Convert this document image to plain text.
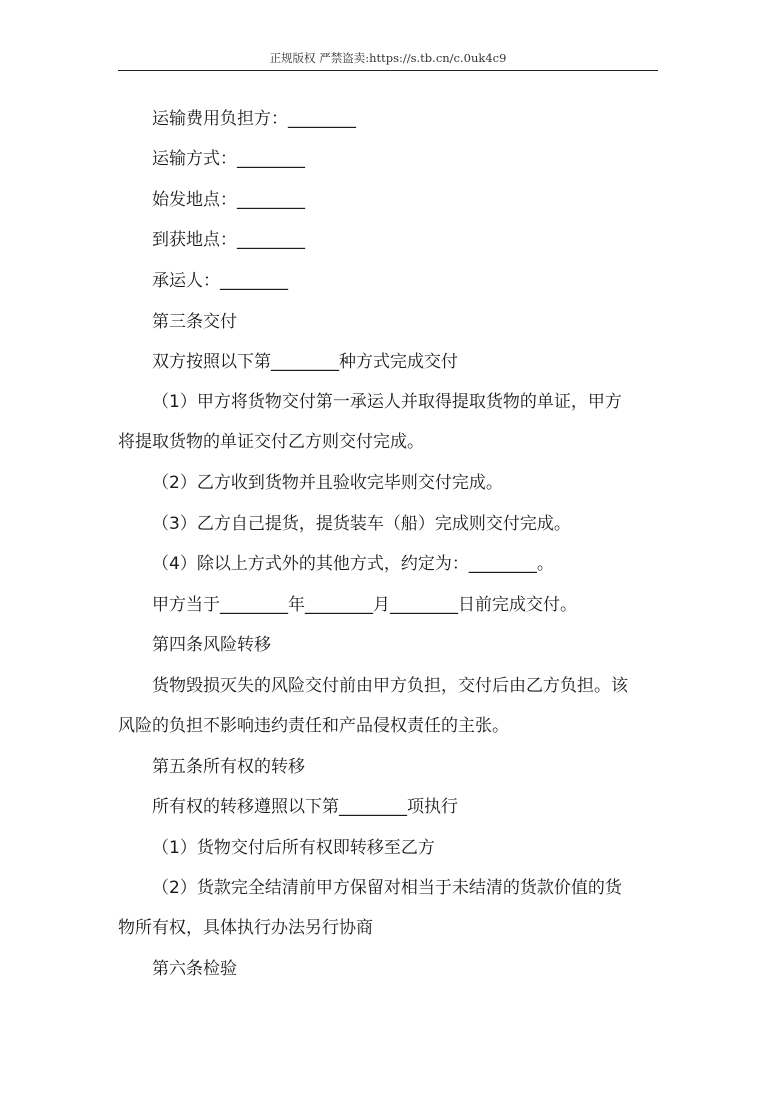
正规版权 严禁盗卖:https://s.tb.cn/c.0uk4c9
运输费用负担方：________
运输方式：________
始发地点：________
到获地点：________
承运人：________
第三条交付
双方按照以下第________种方式完成交付
（1）甲方将货物交付第一承运人并取得提取货物的单证，甲方
将提取货物的单证交付乙方则交付完成。
（2）乙方收到货物并且验收完毕则交付完成。
（3）乙方自己提货，提货装车（船）完成则交付完成。
（4）除以上方式外的其他方式，约定为：________。
甲方当于________年________月________日前完成交付。
第四条风险转移
货物毁损灭失的风险交付前由甲方负担，交付后由乙方负担。该
风险的负担不影响违约责任和产品侵权责任的主张。
第五条所有权的转移
所有权的转移遵照以下第________项执行
（1）货物交付后所有权即转移至乙方
（2）货款完全结清前甲方保留对相当于未结清的货款价值的货
物所有权，具体执行办法另行协商
第六条检验
